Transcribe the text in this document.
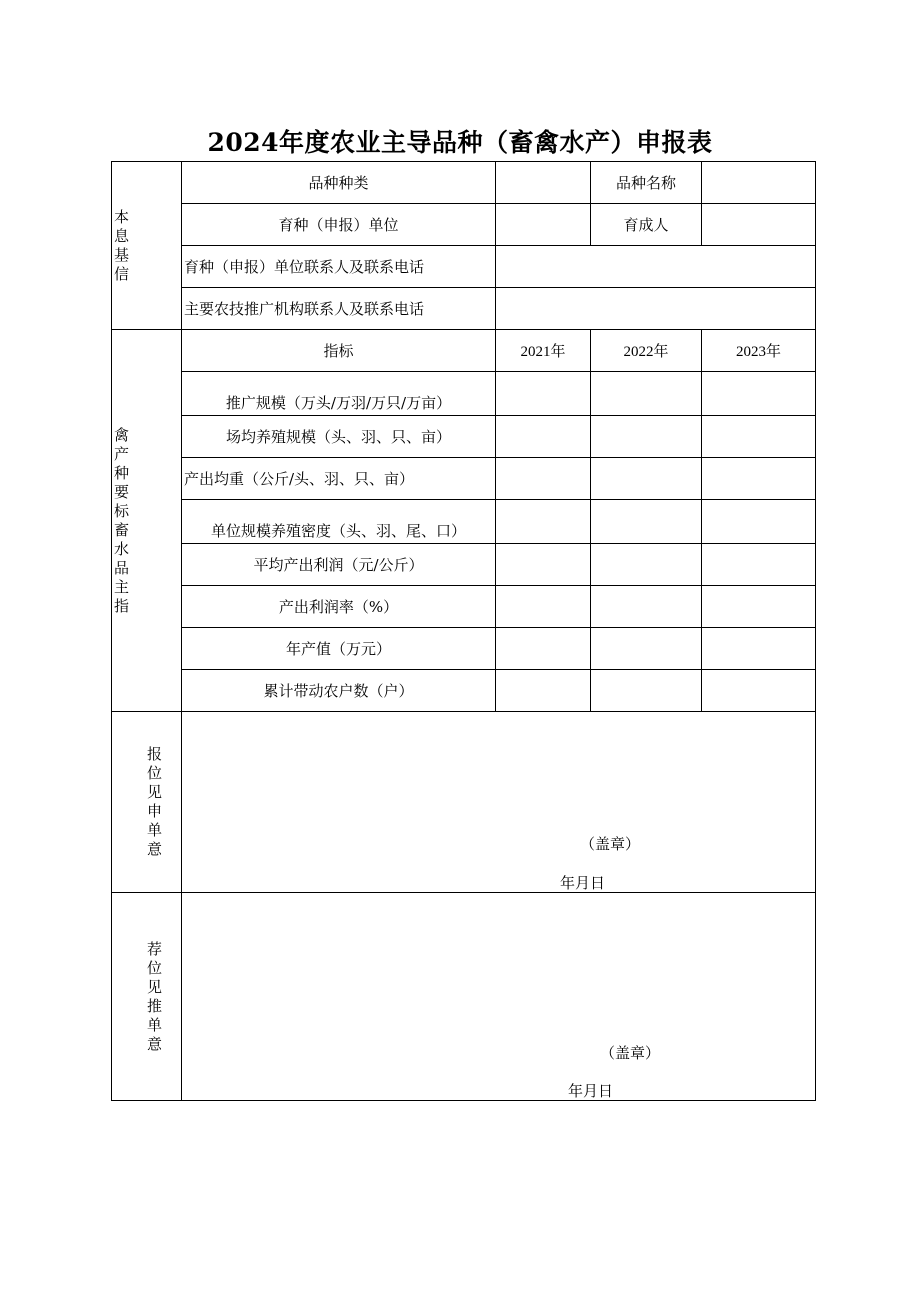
2024年度农业主导品种（畜禽水产）申报表
本息基信	品种种类		品种名称	
	育种（申报）单位		育成人	
	育种（申报）单位联系人及联系电话			
	主要农技推广机构联系人及联系电话			

禽产种要标畜水品主指	指标	2021年	2022年	2023年
	推广规模（万头/万羽/万只/万亩）			
	场均养殖规模（头、羽、只、亩）			
	产出均重（公斤/头、羽、只、亩）			
	单位规模养殖密度（头、羽、尾、口）			
	平均产出利润（元/公斤）			
	产出利润率（%）			
	年产值（万元）			
	累计带动农户数（户）			

报位见申单意	（盖章）
年月日			

荐位见推单意	（盖章）
年月日			
